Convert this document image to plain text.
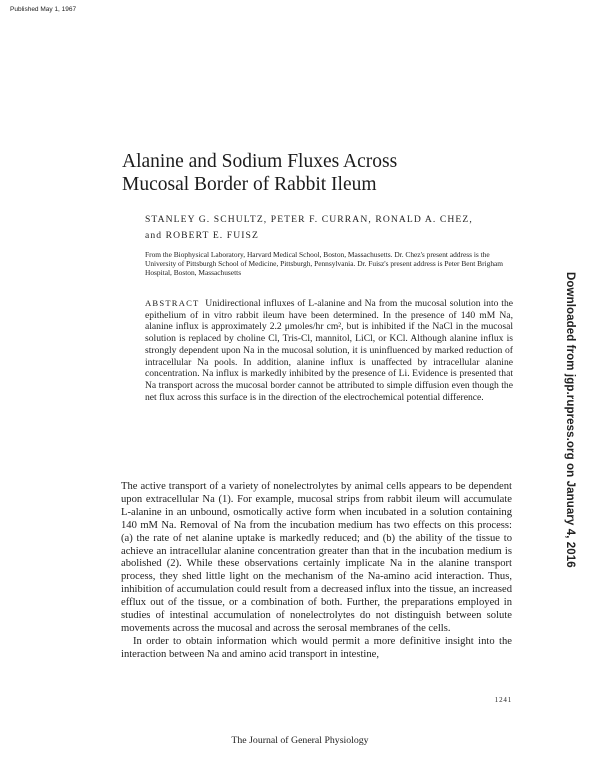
Published May 1, 1967
Downloaded from jgp.rupress.org on January 4, 2016
Alanine and Sodium Fluxes Across
Mucosal Border of Rabbit Ileum
STANLEY G. SCHULTZ, PETER F. CURRAN, RONALD A. CHEZ,
and ROBERT E. FUISZ
From the Biophysical Laboratory, Harvard Medical School, Boston, Massachusetts. Dr. Chez's present address is the University of Pittsburgh School of Medicine, Pittsburgh, Pennsylvania. Dr. Fuisz's present address is Peter Bent Brigham Hospital, Boston, Massachusetts
ABSTRACT Unidirectional influxes of L-alanine and Na from the mucosal solution into the epithelium of in vitro rabbit ileum have been determined. In the presence of 140 mM Na, alanine influx is approximately 2.2 μmoles/hr cm², but is inhibited if the NaCl in the mucosal solution is replaced by choline Cl, Tris-Cl, mannitol, LiCl, or KCl. Although alanine influx is strongly dependent upon Na in the mucosal solution, it is uninfluenced by marked reduction of intracellular Na pools. In addition, alanine influx is unaffected by intracellular alanine concentration. Na influx is markedly inhibited by the presence of Li. Evidence is presented that Na transport across the mucosal border cannot be attributed to simple diffusion even though the net flux across this surface is in the direction of the electrochemical potential difference.

The active transport of a variety of nonelectrolytes by animal cells appears to be dependent upon extracellular Na (1). For example, mucosal strips from rabbit ileum will accumulate L-alanine in an unbound, osmotically active form when incubated in a solution containing 140 mM Na. Removal of Na from the incubation medium has two effects on this process: (a) the rate of net alanine uptake is markedly reduced; and (b) the ability of the tissue to achieve an intracellular alanine concentration greater than that in the incubation medium is abolished (2). While these observations certainly implicate Na in the alanine transport process, they shed little light on the mechanism of the Na-amino acid interaction. Thus, inhibition of accumulation could result from a decreased influx into the tissue, an increased efflux out of the tissue, or a combination of both. Further, the preparations employed in studies of intestinal accumulation of nonelectrolytes do not distinguish between solute movements across the mucosal and across the serosal membranes of the cells.

In order to obtain information which would permit a more definitive insight into the interaction between Na and amino acid transport in intestine,

1241
The Journal of General Physiology
